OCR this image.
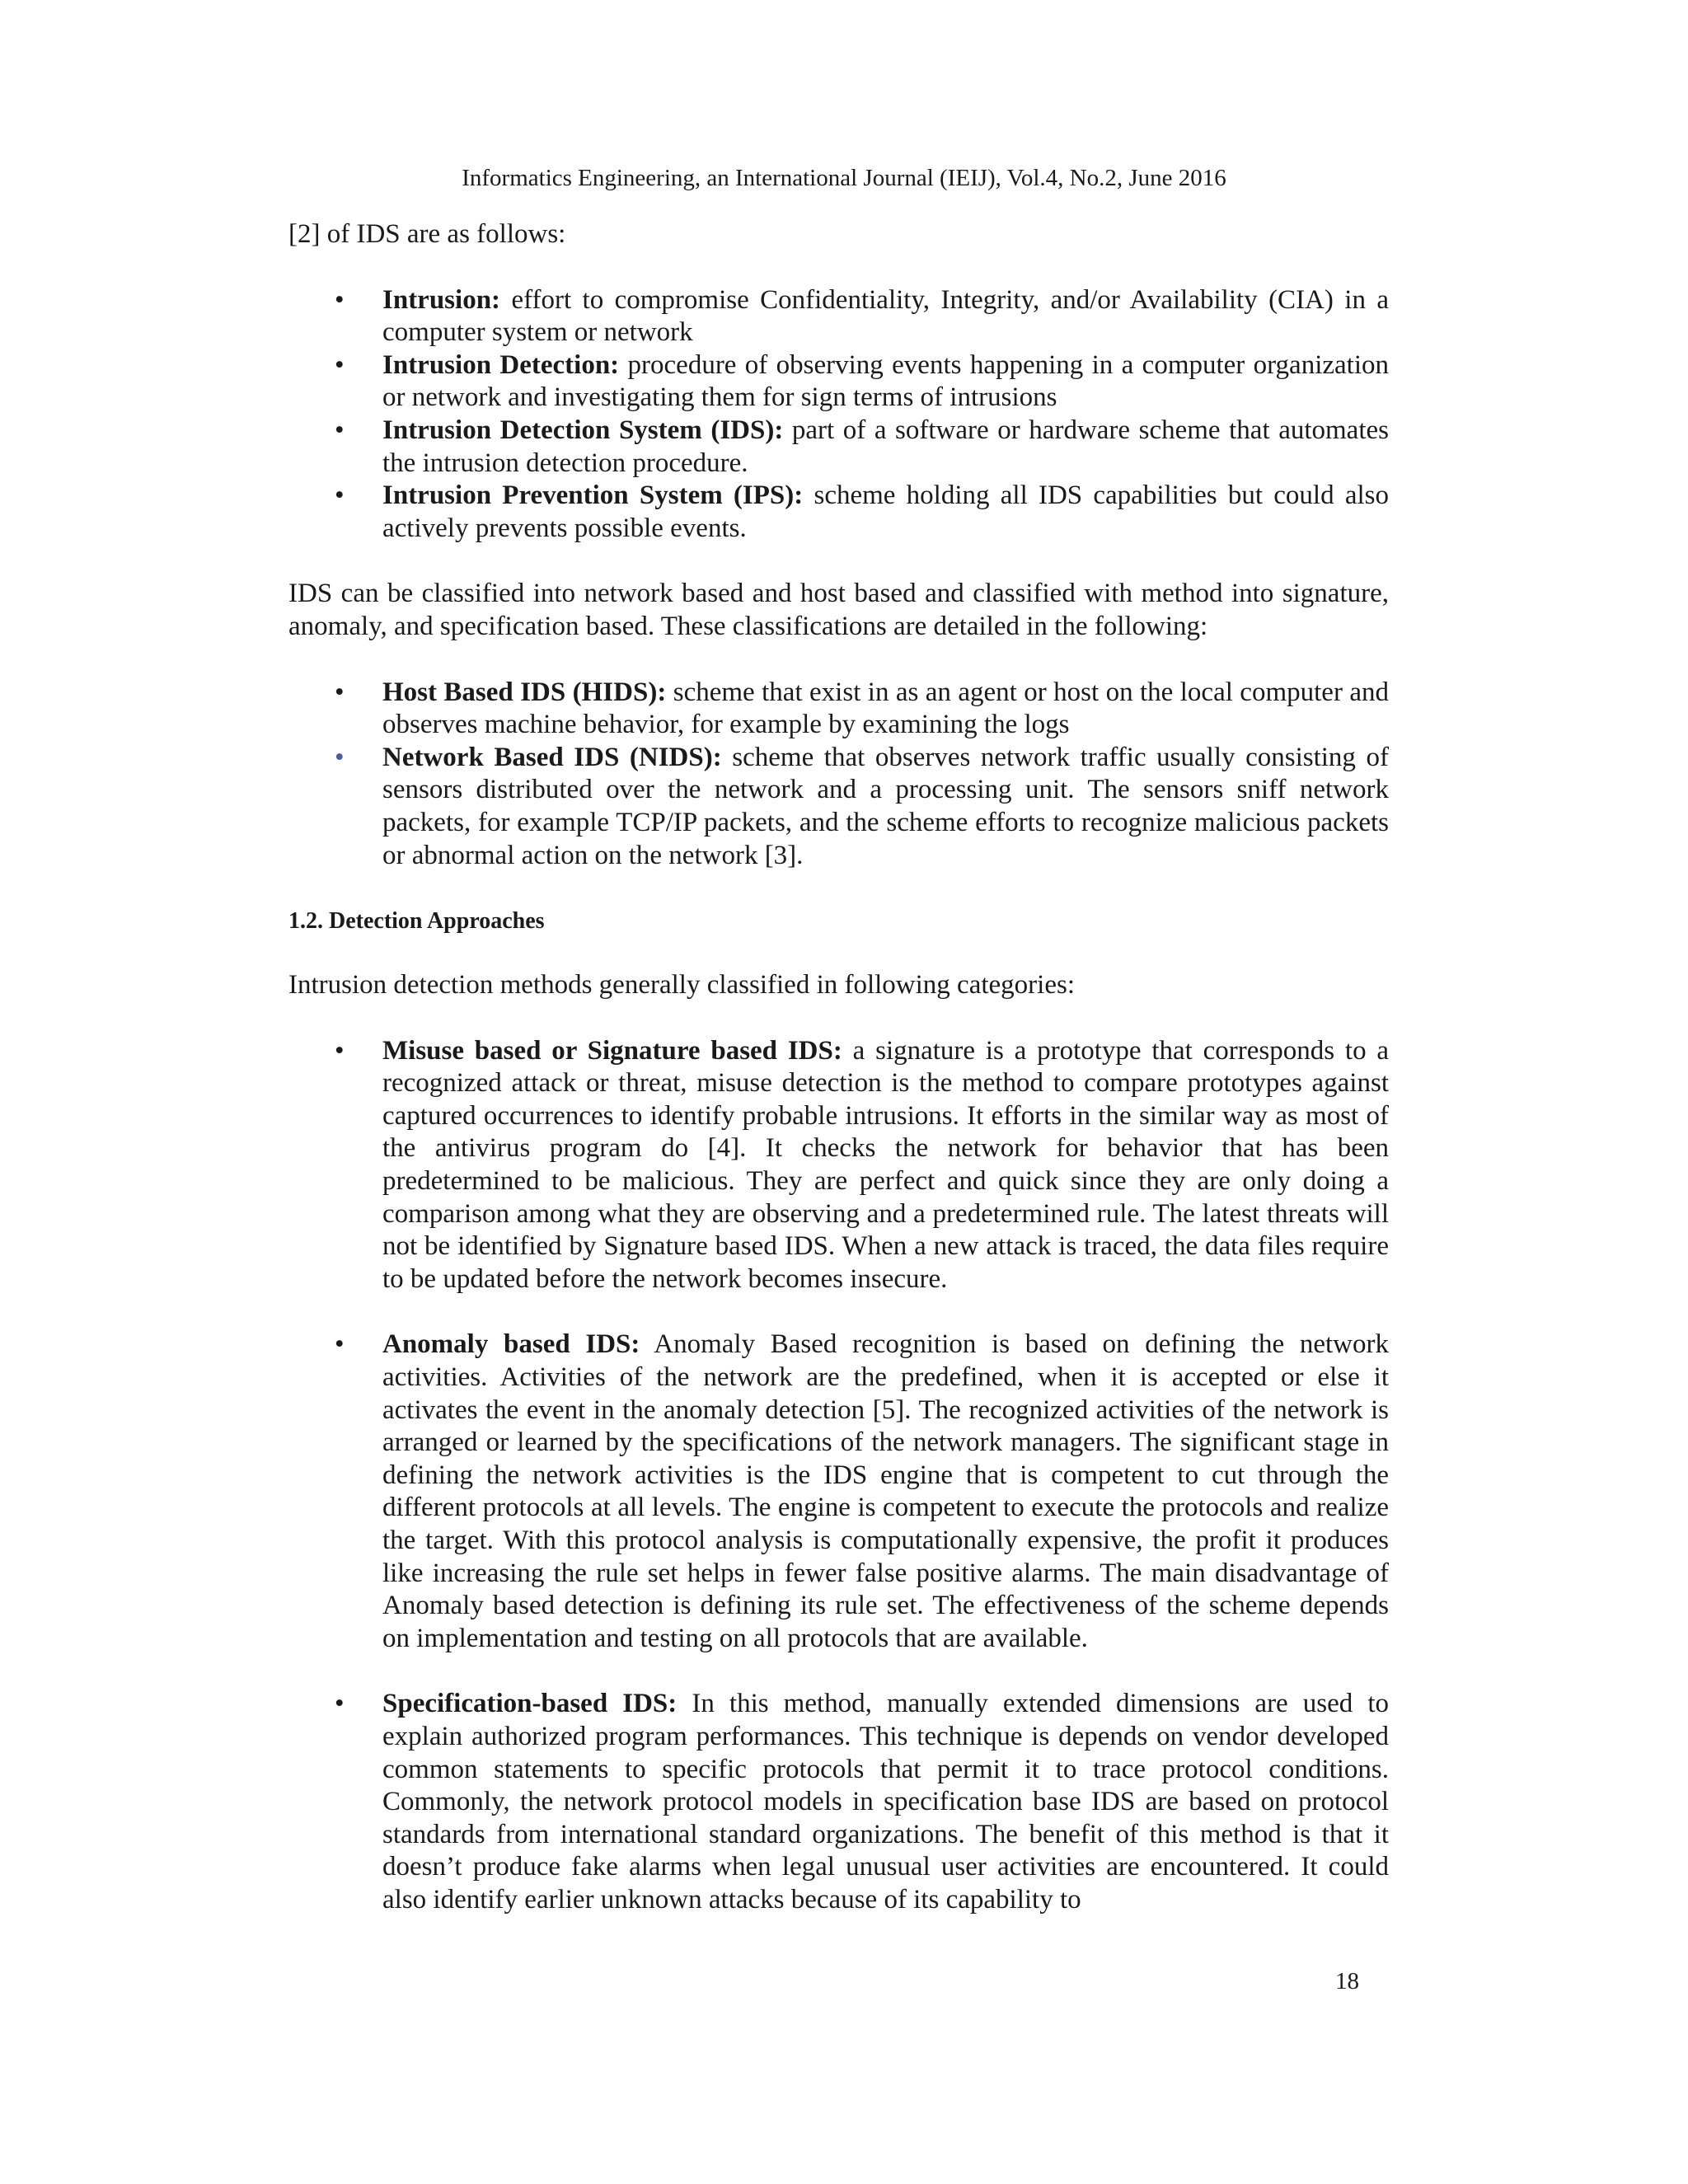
Informatics Engineering, an International Journal (IEIJ), Vol.4, No.2, June 2016

[2] of IDS are as follows:

• Intrusion: effort to compromise Confidentiality, Integrity, and/or Availability (CIA) in a computer system or network
• Intrusion Detection: procedure of observing events happening in a computer organization or network and investigating them for sign terms of intrusions
• Intrusion Detection System (IDS): part of a software or hardware scheme that automates the intrusion detection procedure.
• Intrusion Prevention System (IPS): scheme holding all IDS capabilities but could also actively prevents possible events.

IDS can be classified into network based and host based and classified with method into signature, anomaly, and specification based. These classifications are detailed in the following:

• Host Based IDS (HIDS): scheme that exist in as an agent or host on the local computer and observes machine behavior, for example by examining the logs
• Network Based IDS (NIDS): scheme that observes network traffic usually consisting of sensors distributed over the network and a processing unit. The sensors sniff network packets, for example TCP/IP packets, and the scheme efforts to recognize malicious packets or abnormal action on the network [3].
1.2. Detection Approaches

Intrusion detection methods generally classified in following categories:

• Misuse based or Signature based IDS: a signature is a prototype that corresponds to a recognized attack or threat, misuse detection is the method to compare prototypes against captured occurrences to identify probable intrusions. It efforts in the similar way as most of the antivirus program do [4]. It checks the network for behavior that has been predetermined to be malicious. They are perfect and quick since they are only doing a comparison among what they are observing and a predetermined rule. The latest threats will not be identified by Signature based IDS. When a new attack is traced, the data files require to be updated before the network becomes insecure.
• Anomaly based IDS: Anomaly Based recognition is based on defining the network activities. Activities of the network are the predefined, when it is accepted or else it activates the event in the anomaly detection [5]. The recognized activities of the network is arranged or learned by the specifications of the network managers. The significant stage in defining the network activities is the IDS engine that is competent to cut through the different protocols at all levels. The engine is competent to execute the protocols and realize the target. With this protocol analysis is computationally expensive, the profit it produces like increasing the rule set helps in fewer false positive alarms. The main disadvantage of Anomaly based detection is defining its rule set. The effectiveness of the scheme depends on implementation and testing on all protocols that are available.
• Specification-based IDS: In this method, manually extended dimensions are used to explain authorized program performances. This technique is depends on vendor developed common statements to specific protocols that permit it to trace protocol conditions. Commonly, the network protocol models in specification base IDS are based on protocol standards from international standard organizations. The benefit of this method is that it doesn’t produce fake alarms when legal unusual user activities are encountered. It could also identify earlier unknown attacks because of its capability to
18
